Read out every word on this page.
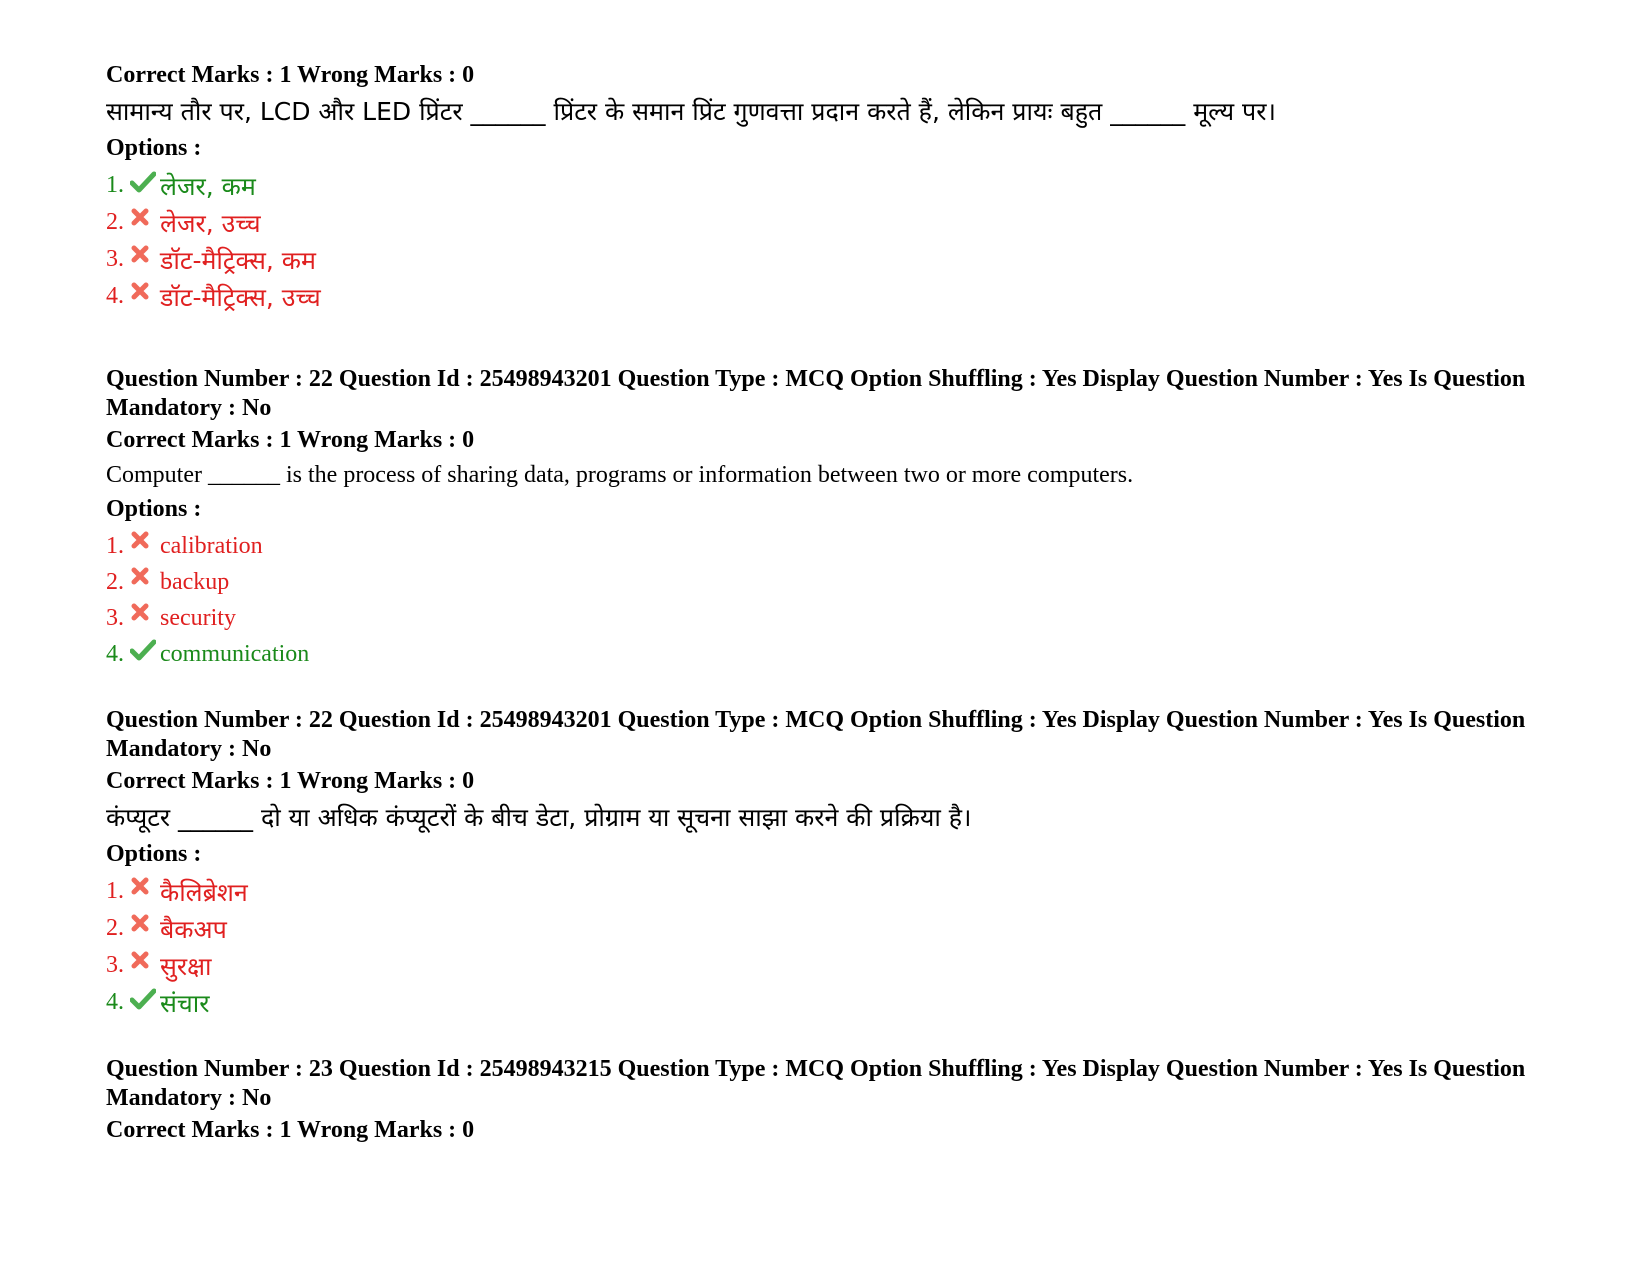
Correct Marks : 1 Wrong Marks : 0
सामान्य तौर पर, LCD और LED प्रिंटर ______ प्रिंटर के समान प्रिंट गुणवत्ता प्रदान करते हैं, लेकिन प्रायः बहुत ______ मूल्य पर।
Options :
1. लेजर, कम
2. लेजर, उच्च
3. डॉट-मैट्रिक्स, कम
4. डॉट-मैट्रिक्स, उच्च
Question Number : 22 Question Id : 25498943201 Question Type : MCQ Option Shuffling : Yes Display Question Number : Yes Is Question Mandatory : No
Correct Marks : 1 Wrong Marks : 0
Computer ______ is the process of sharing data, programs or information between two or more computers.
Options :
1. calibration
2. backup
3. security
4. communication
Question Number : 22 Question Id : 25498943201 Question Type : MCQ Option Shuffling : Yes Display Question Number : Yes Is Question Mandatory : No
Correct Marks : 1 Wrong Marks : 0
कंप्यूटर ______ दो या अधिक कंप्यूटरों के बीच डेटा, प्रोग्राम या सूचना साझा करने की प्रक्रिया है।
Options :
1. कैलिब्रेशन
2. बैकअप
3. सुरक्षा
4. संचार
Question Number : 23 Question Id : 25498943215 Question Type : MCQ Option Shuffling : Yes Display Question Number : Yes Is Question Mandatory : No
Correct Marks : 1 Wrong Marks : 0
